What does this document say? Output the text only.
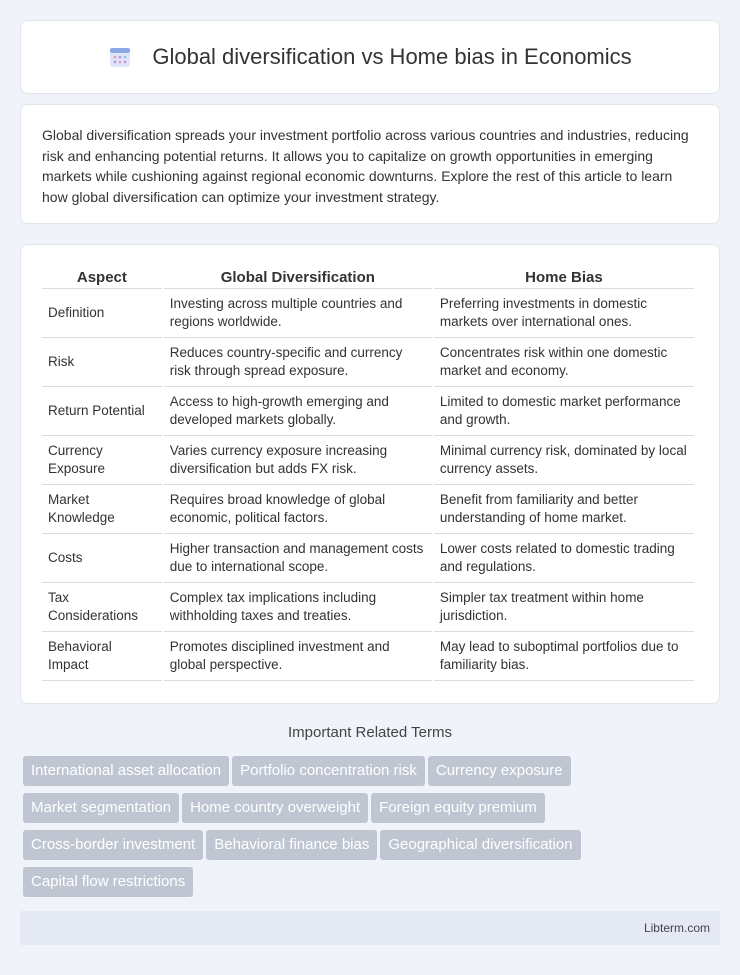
Global diversification vs Home bias in Economics

Global diversification spreads your investment portfolio across various countries and industries, reducing risk and enhancing potential returns. It allows you to capitalize on growth opportunities in emerging markets while cushioning against regional economic downturns. Explore the rest of this article to learn how global diversification can optimize your investment strategy.

Aspect	Global Diversification	Home Bias
Definition	Investing across multiple countries and regions worldwide.	Preferring investments in domestic markets over international ones.
Risk	Reduces country-specific and currency risk through spread exposure.	Concentrates risk within one domestic market and economy.
Return Potential	Access to high-growth emerging and developed markets globally.	Limited to domestic market performance and growth.
Currency Exposure	Varies currency exposure increasing diversification but adds FX risk.	Minimal currency risk, dominated by local currency assets.
Market Knowledge	Requires broad knowledge of global economic, political factors.	Benefit from familiarity and better understanding of home market.
Costs	Higher transaction and management costs due to international scope.	Lower costs related to domestic trading and regulations.
Tax Considerations	Complex tax implications including withholding taxes and treaties.	Simpler tax treatment within home jurisdiction.
Behavioral Impact	Promotes disciplined investment and global perspective.	May lead to suboptimal portfolios due to familiarity bias.
Important Related Terms
International asset allocation Portfolio concentration risk Currency exposure
Market segmentation Home country overweight Foreign equity premium
Cross-border investment Behavioral finance bias Geographical diversification
Capital flow restrictions
Libterm.com
